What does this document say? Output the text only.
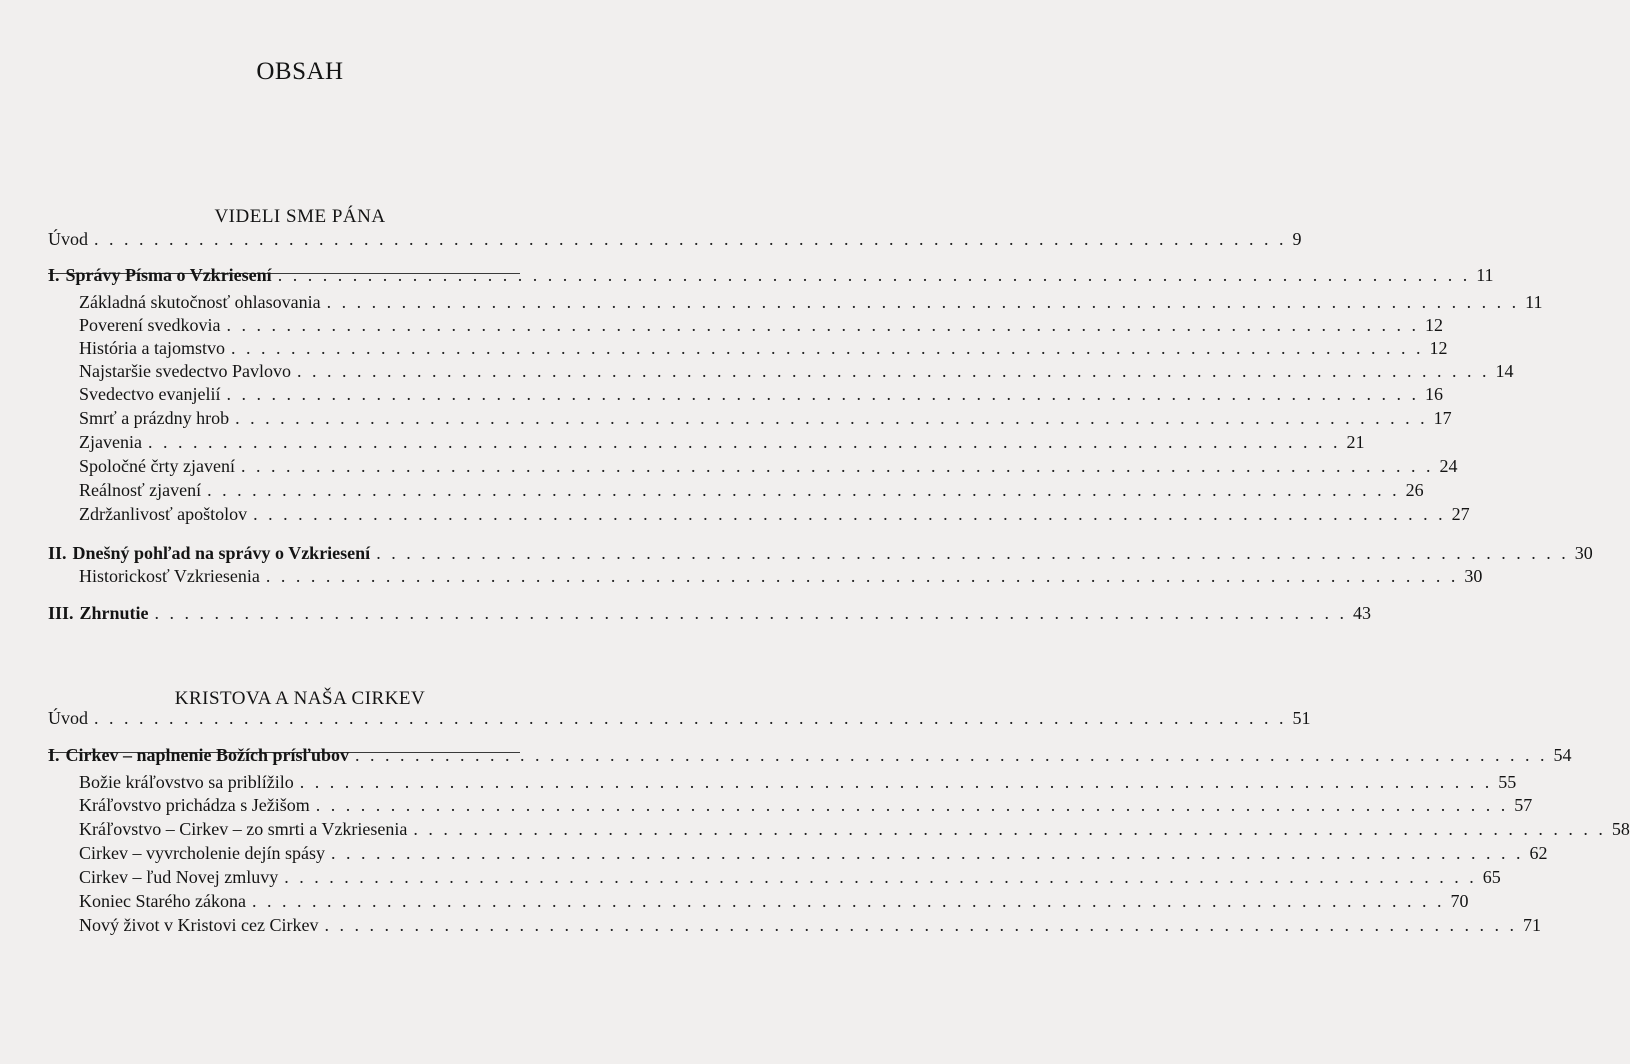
OBSAH
VIDELI SME PÁNA
Úvod . . . . . . . . . . . . . . . . . . . . . . . . . . . . . . . . . . . . . . . . . . . . . . . . . . . . . . . . . . . . . . . . . . . . . . . . . . . . . . . . 9
I. Správy Písma o Vzkriesení . . . . . . . . . . . . . . . . . . . . . . . . . . . . . . . . . . . . . . . . . . . . . . . . . . . . . . . . . . . . . . . . . . . . . . . . . . . . . . . . 11
Základná skutočnosť ohlasovania . . . . . . . . . . . . . . . . . . . . . . . . . . . . . . . . . . . . . . . . . . . . . . . . . . . . . . . . . . . . . . . . . . . . . . . . . . . . . . . . 11
Poverení svedkovia . . . . . . . . . . . . . . . . . . . . . . . . . . . . . . . . . . . . . . . . . . . . . . . . . . . . . . . . . . . . . . . . . . . . . . . . . . . . . . . . 12
História a tajomstvo . . . . . . . . . . . . . . . . . . . . . . . . . . . . . . . . . . . . . . . . . . . . . . . . . . . . . . . . . . . . . . . . . . . . . . . . . . . . . . . . 12
Najstaršie svedectvo Pavlovo . . . . . . . . . . . . . . . . . . . . . . . . . . . . . . . . . . . . . . . . . . . . . . . . . . . . . . . . . . . . . . . . . . . . . . . . . . . . . . . . 14
Svedectvo evanjelií . . . . . . . . . . . . . . . . . . . . . . . . . . . . . . . . . . . . . . . . . . . . . . . . . . . . . . . . . . . . . . . . . . . . . . . . . . . . . . . . 16
Smrť a prázdny hrob . . . . . . . . . . . . . . . . . . . . . . . . . . . . . . . . . . . . . . . . . . . . . . . . . . . . . . . . . . . . . . . . . . . . . . . . . . . . . . . . 17
Zjavenia . . . . . . . . . . . . . . . . . . . . . . . . . . . . . . . . . . . . . . . . . . . . . . . . . . . . . . . . . . . . . . . . . . . . . . . . . . . . . . . . 21
Spoločné črty zjavení . . . . . . . . . . . . . . . . . . . . . . . . . . . . . . . . . . . . . . . . . . . . . . . . . . . . . . . . . . . . . . . . . . . . . . . . . . . . . . . . 24
Reálnosť zjavení . . . . . . . . . . . . . . . . . . . . . . . . . . . . . . . . . . . . . . . . . . . . . . . . . . . . . . . . . . . . . . . . . . . . . . . . . . . . . . . . 26
Zdržanlivosť apoštolov . . . . . . . . . . . . . . . . . . . . . . . . . . . . . . . . . . . . . . . . . . . . . . . . . . . . . . . . . . . . . . . . . . . . . . . . . . . . . . . . 27
II. Dnešný pohľad na správy o Vzkriesení . . . . . . . . . . . . . . . . . . . . . . . . . . . . . . . . . . . . . . . . . . . . . . . . . . . . . . . . . . . . . . . . . . . . . . . . . . . . . . . . 30
Historickosť Vzkriesenia . . . . . . . . . . . . . . . . . . . . . . . . . . . . . . . . . . . . . . . . . . . . . . . . . . . . . . . . . . . . . . . . . . . . . . . . . . . . . . . . 30
III. Zhrnutie . . . . . . . . . . . . . . . . . . . . . . . . . . . . . . . . . . . . . . . . . . . . . . . . . . . . . . . . . . . . . . . . . . . . . . . . . . . . . . . . 43
KRISTOVA A NAŠA CIRKEV
Úvod . . . . . . . . . . . . . . . . . . . . . . . . . . . . . . . . . . . . . . . . . . . . . . . . . . . . . . . . . . . . . . . . . . . . . . . . . . . . . . . . 51
I. Cirkev – naplnenie Božích prísľubov . . . . . . . . . . . . . . . . . . . . . . . . . . . . . . . . . . . . . . . . . . . . . . . . . . . . . . . . . . . . . . . . . . . . . . . . . . . . . . . . 54
Božie kráľovstvo sa priblížilo . . . . . . . . . . . . . . . . . . . . . . . . . . . . . . . . . . . . . . . . . . . . . . . . . . . . . . . . . . . . . . . . . . . . . . . . . . . . . . . . 55
Kráľovstvo prichádza s Ježišom . . . . . . . . . . . . . . . . . . . . . . . . . . . . . . . . . . . . . . . . . . . . . . . . . . . . . . . . . . . . . . . . . . . . . . . . . . . . . . . . 57
Kráľovstvo – Cirkev – zo smrti a Vzkriesenia . . . . . . . . . . . . . . . . . . . . . . . . . . . . . . . . . . . . . . . . . . . . . . . . . . . . . . . . . . . . . . . . . . . . . . . . . . . . . . . . 58
Cirkev – vyvrcholenie dejín spásy . . . . . . . . . . . . . . . . . . . . . . . . . . . . . . . . . . . . . . . . . . . . . . . . . . . . . . . . . . . . . . . . . . . . . . . . . . . . . . . . 62
Cirkev – ľud Novej zmluvy . . . . . . . . . . . . . . . . . . . . . . . . . . . . . . . . . . . . . . . . . . . . . . . . . . . . . . . . . . . . . . . . . . . . . . . . . . . . . . . . 65
Koniec Starého zákona . . . . . . . . . . . . . . . . . . . . . . . . . . . . . . . . . . . . . . . . . . . . . . . . . . . . . . . . . . . . . . . . . . . . . . . . . . . . . . . . 70
Nový život v Kristovi cez Cirkev . . . . . . . . . . . . . . . . . . . . . . . . . . . . . . . . . . . . . . . . . . . . . . . . . . . . . . . . . . . . . . . . . . . . . . . . . . . . . . . . 71
